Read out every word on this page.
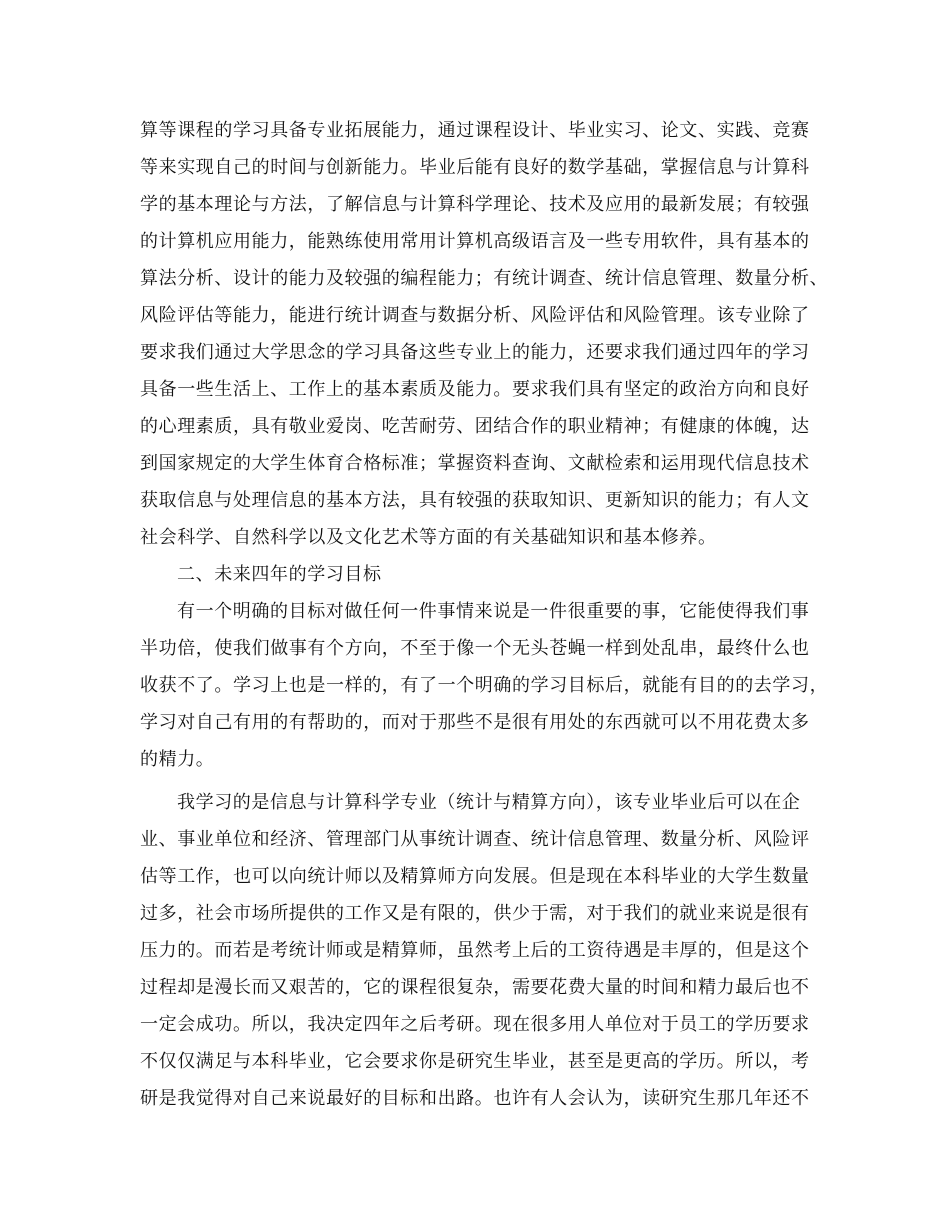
算等课程的学习具备专业拓展能力，通过课程设计、毕业实习、论文、实践、竞赛
等来实现自己的时间与创新能力。毕业后能有良好的数学基础，掌握信息与计算科
学的基本理论与方法，了解信息与计算科学理论、技术及应用的最新发展；有较强
的计算机应用能力，能熟练使用常用计算机高级语言及一些专用软件，具有基本的
算法分析、设计的能力及较强的编程能力；有统计调查、统计信息管理、数量分析、
风险评估等能力，能进行统计调查与数据分析、风险评估和风险管理。该专业除了
要求我们通过大学思念的学习具备这些专业上的能力，还要求我们通过四年的学习
具备一些生活上、工作上的基本素质及能力。要求我们具有坚定的政治方向和良好
的心理素质，具有敬业爱岗、吃苦耐劳、团结合作的职业精神；有健康的体魄，达
到国家规定的大学生体育合格标准；掌握资料查询、文献检索和运用现代信息技术
获取信息与处理信息的基本方法，具有较强的获取知识、更新知识的能力；有人文
社会科学、自然科学以及文化艺术等方面的有关基础知识和基本修养。
二、未来四年的学习目标
有一个明确的目标对做任何一件事情来说是一件很重要的事，它能使得我们事
半功倍，使我们做事有个方向，不至于像一个无头苍蝇一样到处乱串，最终什么也
收获不了。学习上也是一样的，有了一个明确的学习目标后，就能有目的的去学习，
学习对自己有用的有帮助的，而对于那些不是很有用处的东西就可以不用花费太多
的精力。
我学习的是信息与计算科学专业（统计与精算方向），该专业毕业后可以在企
业、事业单位和经济、管理部门从事统计调查、统计信息管理、数量分析、风险评
估等工作，也可以向统计师以及精算师方向发展。但是现在本科毕业的大学生数量
过多，社会市场所提供的工作又是有限的，供少于需，对于我们的就业来说是很有
压力的。而若是考统计师或是精算师，虽然考上后的工资待遇是丰厚的，但是这个
过程却是漫长而又艰苦的，它的课程很复杂，需要花费大量的时间和精力最后也不
一定会成功。所以，我决定四年之后考研。现在很多用人单位对于员工的学历要求
不仅仅满足与本科毕业，它会要求你是研究生毕业，甚至是更高的学历。所以，考
研是我觉得对自己来说最好的目标和出路。也许有人会认为，读研究生那几年还不
